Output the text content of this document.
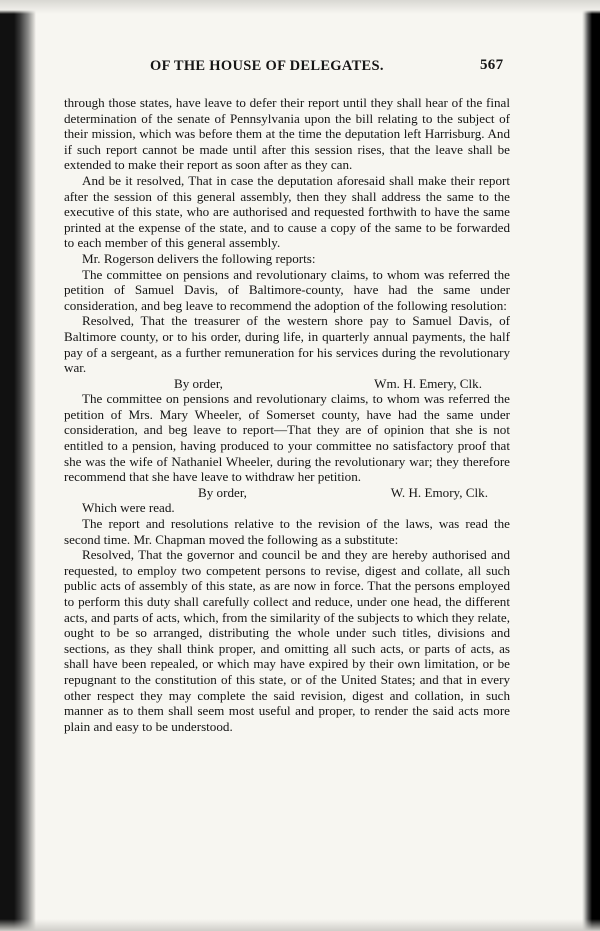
OF THE HOUSE OF DELEGATES.	567

through those states, have leave to defer their report until they shall hear of the final determination of the senate of Pennsylvania upon the bill relating to the subject of their mission, which was before them at the time the deputation left Harrisburg. And if such report cannot be made until after this session rises, that the leave shall be extended to make their report as soon after as they can.

And be it resolved, That in case the deputation aforesaid shall make their report after the session of this general assembly, then they shall address the same to the executive of this state, who are authorised and requested forthwith to have the same printed at the expense of the state, and to cause a copy of the same to be forwarded to each member of this general assembly.

Mr. Rogerson delivers the following reports:

The committee on pensions and revolutionary claims, to whom was referred the petition of Samuel Davis, of Baltimore-county, have had the same under consideration, and beg leave to recommend the adoption of the following resolution:

Resolved, That the treasurer of the western shore pay to Samuel Davis, of Baltimore county, or to his order, during life, in quarterly annual payments, the half pay of a sergeant, as a further remuneration for his services during the revolutionary war.

By order,	Wm. H. Emery, Clk.

The committee on pensions and revolutionary claims, to whom was referred the petition of Mrs. Mary Wheeler, of Somerset county, have had the same under consideration, and beg leave to report—That they are of opinion that she is not entitled to a pension, having produced to your committee no satisfactory proof that she was the wife of Nathaniel Wheeler, during the revolutionary war; they therefore recommend that she have leave to withdraw her petition.

By order,	W. H. Emory, Clk.

Which were read.

The report and resolutions relative to the revision of the laws, was read the second time. Mr. Chapman moved the following as a substitute:

Resolved, That the governor and council be and they are hereby authorised and requested, to employ two competent persons to revise, digest and collate, all such public acts of assembly of this state, as are now in force. That the persons employed to perform this duty shall carefully collect and reduce, under one head, the different acts, and parts of acts, which, from the similarity of the subjects to which they relate, ought to be so arranged, distributing the whole under such titles, divisions and sections, as they shall think proper, and omitting all such acts, or parts of acts, as shall have been repealed, or which may have expired by their own limitation, or be repugnant to the constitution of this state, or of the United States; and that in every other respect they may complete the said revision, digest and collation, in such manner as to them shall seem most useful and proper, to render the said acts more plain and easy to be understood.
